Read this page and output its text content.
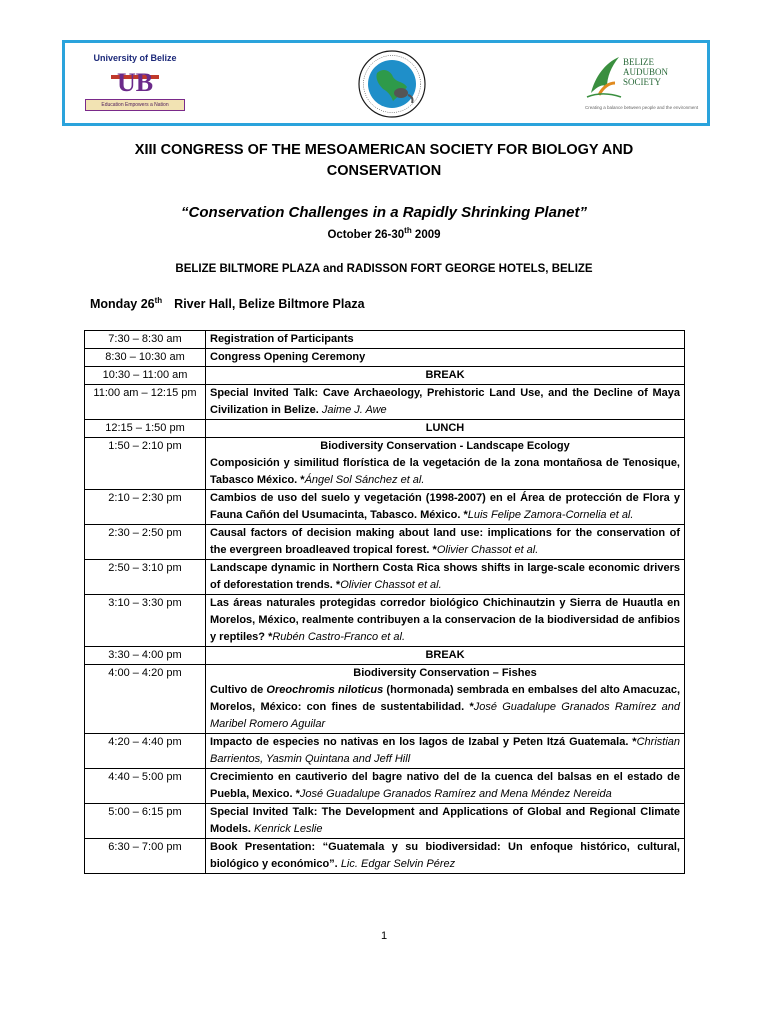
University of Belize
UB
Education Empowers a Nation
BELIZE
AUDUBON
SOCIETY
Creating a balance between people and the environment
XIII CONGRESS OF THE MESOAMERICAN SOCIETY FOR BIOLOGY AND
CONSERVATION
“Conservation Challenges in a Rapidly Shrinking Planet”
October 26-30th 2009
BELIZE BILTMORE PLAZA and RADISSON FORT GEORGE HOTELS, BELIZE
Monday 26th River Hall, Belize Biltmore Plaza
7:30 – 8:30 am	Registration of Participants

8:30 – 10:30 am	Congress Opening Ceremony

10:30 – 11:00 am	BREAK

11:00 am – 12:15 pm	Special Invited Talk: Cave Archaeology, Prehistoric Land Use, and the Decline of Maya Civilization in Belize. Jaime J. Awe

12:15 – 1:50 pm	LUNCH

1:50 – 2:10 pm	Biodiversity Conservation - Landscape Ecology
Composición y similitud florística de la vegetación de la zona montañosa de Tenosique, Tabasco México. *Ángel Sol Sánchez et al.

2:10 – 2:30 pm	Cambios de uso del suelo y vegetación (1998-2007) en el Área de protección de Flora y Fauna Cañón del Usumacinta, Tabasco. México. *Luis Felipe Zamora-Cornelia et al.

2:30 – 2:50 pm	Causal factors of decision making about land use: implications for the conservation of the evergreen broadleaved tropical forest. *Olivier Chassot et al.

2:50 – 3:10 pm	Landscape dynamic in Northern Costa Rica shows shifts in large-scale economic drivers of deforestation trends. *Olivier Chassot et al.

3:10 – 3:30 pm	Las áreas naturales protegidas corredor biológico Chichinautzin y Sierra de Huautla en Morelos, México, realmente contribuyen a la conservacion de la biodiversidad de anfibios y reptiles? *Rubén Castro-Franco et al.

3:30 – 4:00 pm	BREAK

4:00 – 4:20 pm	Biodiversity Conservation – Fishes
Cultivo de Oreochromis niloticus (hormonada) sembrada en embalses del alto Amacuzac, Morelos, México: con fines de sustentabilidad. *José Guadalupe Granados Ramírez and Maribel Romero Aguilar

4:20 – 4:40 pm	Impacto de especies no nativas en los lagos de Izabal y Peten Itzá Guatemala. *Christian Barrientos, Yasmin Quintana and Jeff Hill

4:40 – 5:00 pm	Crecimiento en cautiverio del bagre nativo del de la cuenca del balsas en el estado de Puebla, Mexico. *José Guadalupe Granados Ramírez and Mena Méndez Nereida

5:00 – 6:15 pm	Special Invited Talk: The Development and Applications of Global and Regional Climate Models. Kenrick Leslie

6:30 – 7:00 pm	Book Presentation: “Guatemala y su biodiversidad: Un enfoque histórico, cultural, biológico y económico”. Lic. Edgar Selvin Pérez
1
